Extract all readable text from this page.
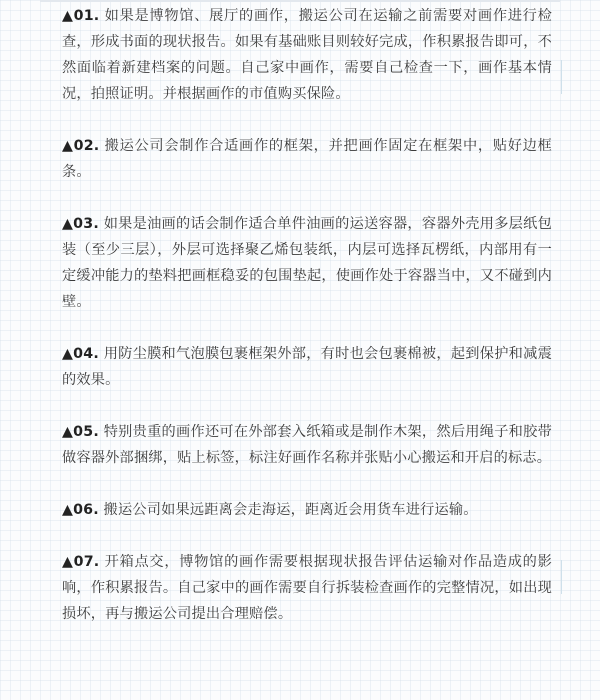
▲01. 如果是博物馆、展厅的画作，搬运公司在运输之前需要对画作进行检查，形成书面的现状报告。如果有基础账目则较好完成，作积累报告即可，不然面临着新建档案的问题。自己家中画作，需要自己检查一下，画作基本情况，拍照证明。并根据画作的市值购买保险。

▲02. 搬运公司会制作合适画作的框架，并把画作固定在框架中，贴好边框条。

▲03. 如果是油画的话会制作适合单件油画的运送容器，容器外壳用多层纸包装（至少三层），外层可选择聚乙烯包装纸，内层可选择瓦楞纸，内部用有一定缓冲能力的垫料把画框稳妥的包围垫起，使画作处于容器当中，又不碰到内壁。

▲04. 用防尘膜和气泡膜包裹框架外部，有时也会包裹棉被，起到保护和减震的效果。

▲05. 特别贵重的画作还可在外部套入纸箱或是制作木架，然后用绳子和胶带做容器外部捆绑，贴上标签，标注好画作名称并张贴小心搬运和开启的标志。

▲06. 搬运公司如果远距离会走海运，距离近会用货车进行运输。

▲07. 开箱点交，博物馆的画作需要根据现状报告评估运输对作品造成的影响，作积累报告。自己家中的画作需要自行拆装检查画作的完整情况，如出现损坏，再与搬运公司提出合理赔偿。
